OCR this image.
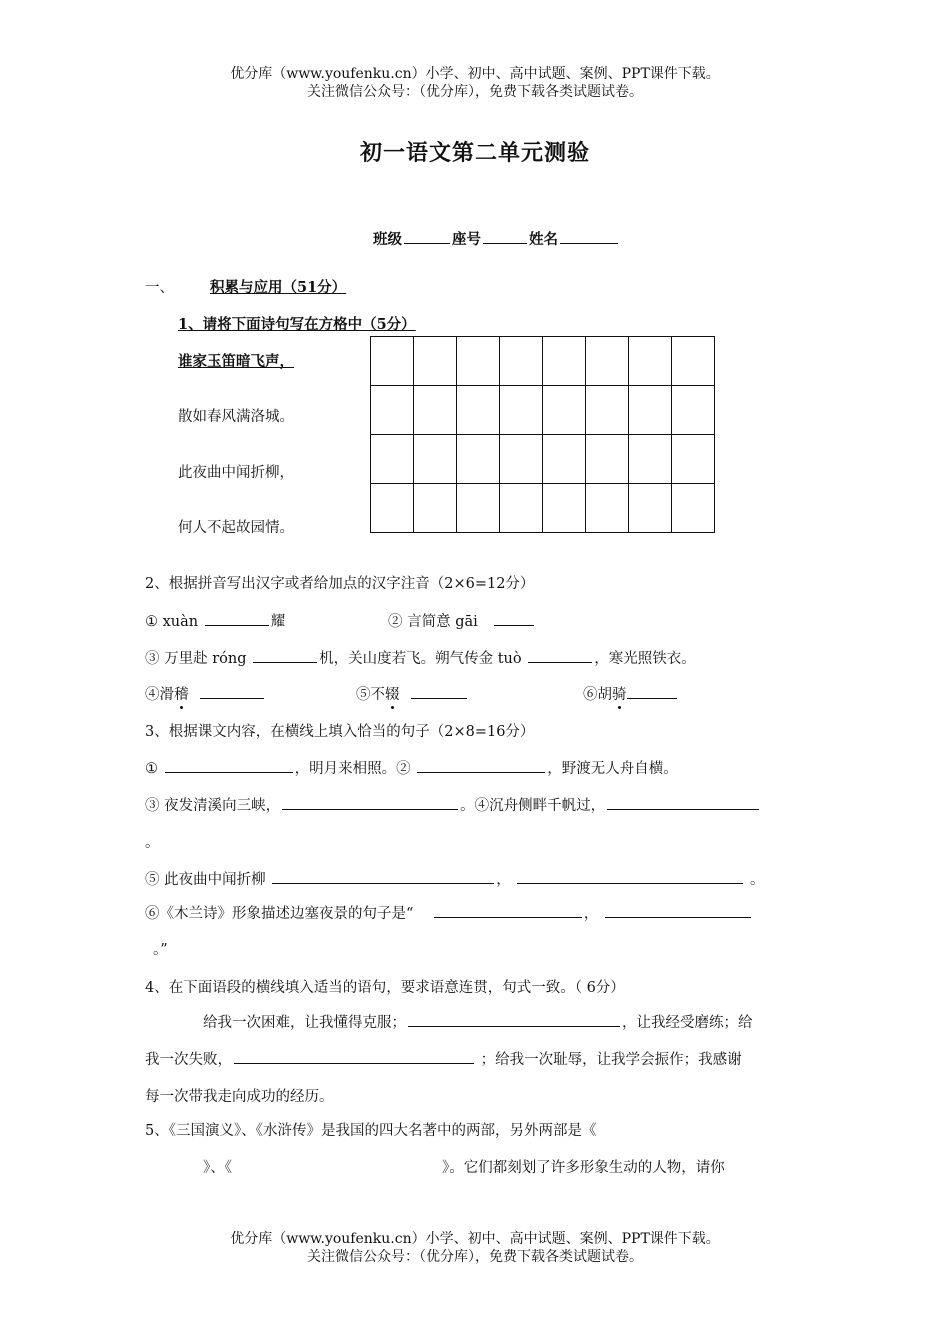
优分库（www.youfenku.cn）小学、初中、高中试题、案例、PPT课件下载。
关注微信公众号：（优分库），免费下载各类试题试卷。
初一语文第二单元测验
班级	座号	姓名
一、 积累与应用（51分）
1、请将下面诗句写在方格中（5分）
谁家玉笛暗飞声，
散如春风满洛城。
此夜曲中闻折柳，
何人不起故园情。

2、根据拼音写出汉字或者给加点的汉字注音（2×6=12分）
① xuàn	耀	② 言简意 gāi
③ 万里赴 róng	机，关山度若飞。朔气传金 tuò	，寒光照铁衣。
④滑稽	⑤不辍	⑥胡骑
3、根据课文内容，在横线上填入恰当的句子（2×8=16分）
①	，明月来相照。②	，野渡无人舟自横。
③ 夜发清溪向三峡，	。④沉舟侧畔千帆过，
。
⑤ 此夜曲中闻折柳	，	。
⑥《木兰诗》形象描述边塞夜景的句子是“	，
。”
4、在下面语段的横线填入适当的语句，要求语意连贯，句式一致。（ 6分）
给我一次困难，让我懂得克服；	，让我经受磨练；给
我一次失败，	；给我一次耻辱，让我学会振作；我感谢
每一次带我走向成功的经历。
5、《三国演义》、《水浒传》是我国的四大名著中的两部，另外两部是《
》、《	》。它们都刻划了许多形象生动的人物，请你
优分库（www.youfenku.cn）小学、初中、高中试题、案例、PPT课件下载。
关注微信公众号：（优分库），免费下载各类试题试卷。
